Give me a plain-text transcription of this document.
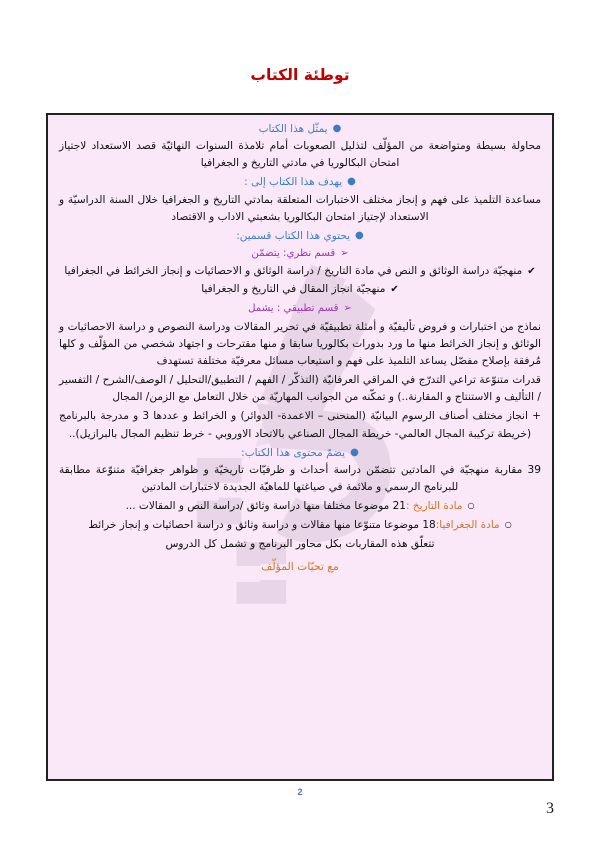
توطئة الكتاب
●يمثّل هذا الكتاب
محاولة بسيطة ومتواضعة من المؤلّف لتذليل الصعوبات أمام تلامذة السنوات النهائيّة قصد الاستعداد لاجتياز امتحان البكالوريا في مادتي التاريخ و الجغرافيا
●يهدف هذا الكتاب إلى :
مساعدة التلميذ على فهم و إنجاز مختلف الاختبارات المتعلقة بمادتي التاريخ و الجغرافيا خلال السنة الدراسيّة و الاستعداد لإجتياز امتحان البكالوريا بشعبتي الاداب و الاقتصاد
●يحتوي هذا الكتاب قسمين:
➢قسم نظري: يتضمّن
✔منهجيّة دراسة الوثائق و النص في مادة التاريخ / دراسة الوثائق و الاحصائيات و إنجاز الخرائط في الجغرافيا
✔منهجيّة انجاز المقال في التاريخ و الجغرافيا
➢قسم تطبيقي : يشمل
نماذج من اختبارات و فروض تأليفيّة و أمثلة تطبيقيّة في تحرير المقالات ودراسة النصوص و دراسة الاحصائيات و الوثائق و إنجاز الخرائط منها ما ورد بدورات بكالوريا سابقا و منها مقترحات و اجتهاد شخصي من المؤلّف و كلها مُرفقة بإصلاح مفصّل يساعد التلميذ على فهم و استيعاب مسائل معرفيّة مختلفة تستهدف
قدرات متنوّعة تراعي التدرّج في المراقي العرفانيّة (التذكّر / الفهم / التطبيق/التحليل / الوصف/الشرح / التفسير / التأليف و الاستنتاج و المقارنة..) و تمكّنه من الجوانب المهاريّة من خلال التعامل مع الزمن/ المجال
+ انجاز مختلف أصناف الرسوم البيانيّة (المنحنى – الاعمدة- الدوائر) و الخرائط و عددها 3 و مدرجة بالبرنامج (خريطة تركيبة المجال العالمي- خريطة المجال الصناعي بالاتحاد الاوروبي - خرط تنظيم المجال بالبرازيل)..
●يضمّ محتوى هذا الكتاب:
39 مقاربة منهجيّة في المادتين تتضمّن دراسة أحداث و ظرفيّات تاريخيّة و ظواهر جغرافيّة متنوّعة مطابقة للبرنامج الرسمي و ملائمة في صياغتها للماهيّة الجديدة لاختبارات المادتين
○مادة التاريخ :21 موضوعا مختلفا منها دراسة وثائق /دراسة النص و المقالات ...
○مادة الجغرافيا:18 موضوعا متنوّعا منها مقالات و دراسة وثائق و دراسة احصائيات و إنجاز خرائط
تتعلّق هذه المقاربات بكل محاور البرنامج و تشمل كل الدروس
مع تحيّات المؤلّف
2
3
